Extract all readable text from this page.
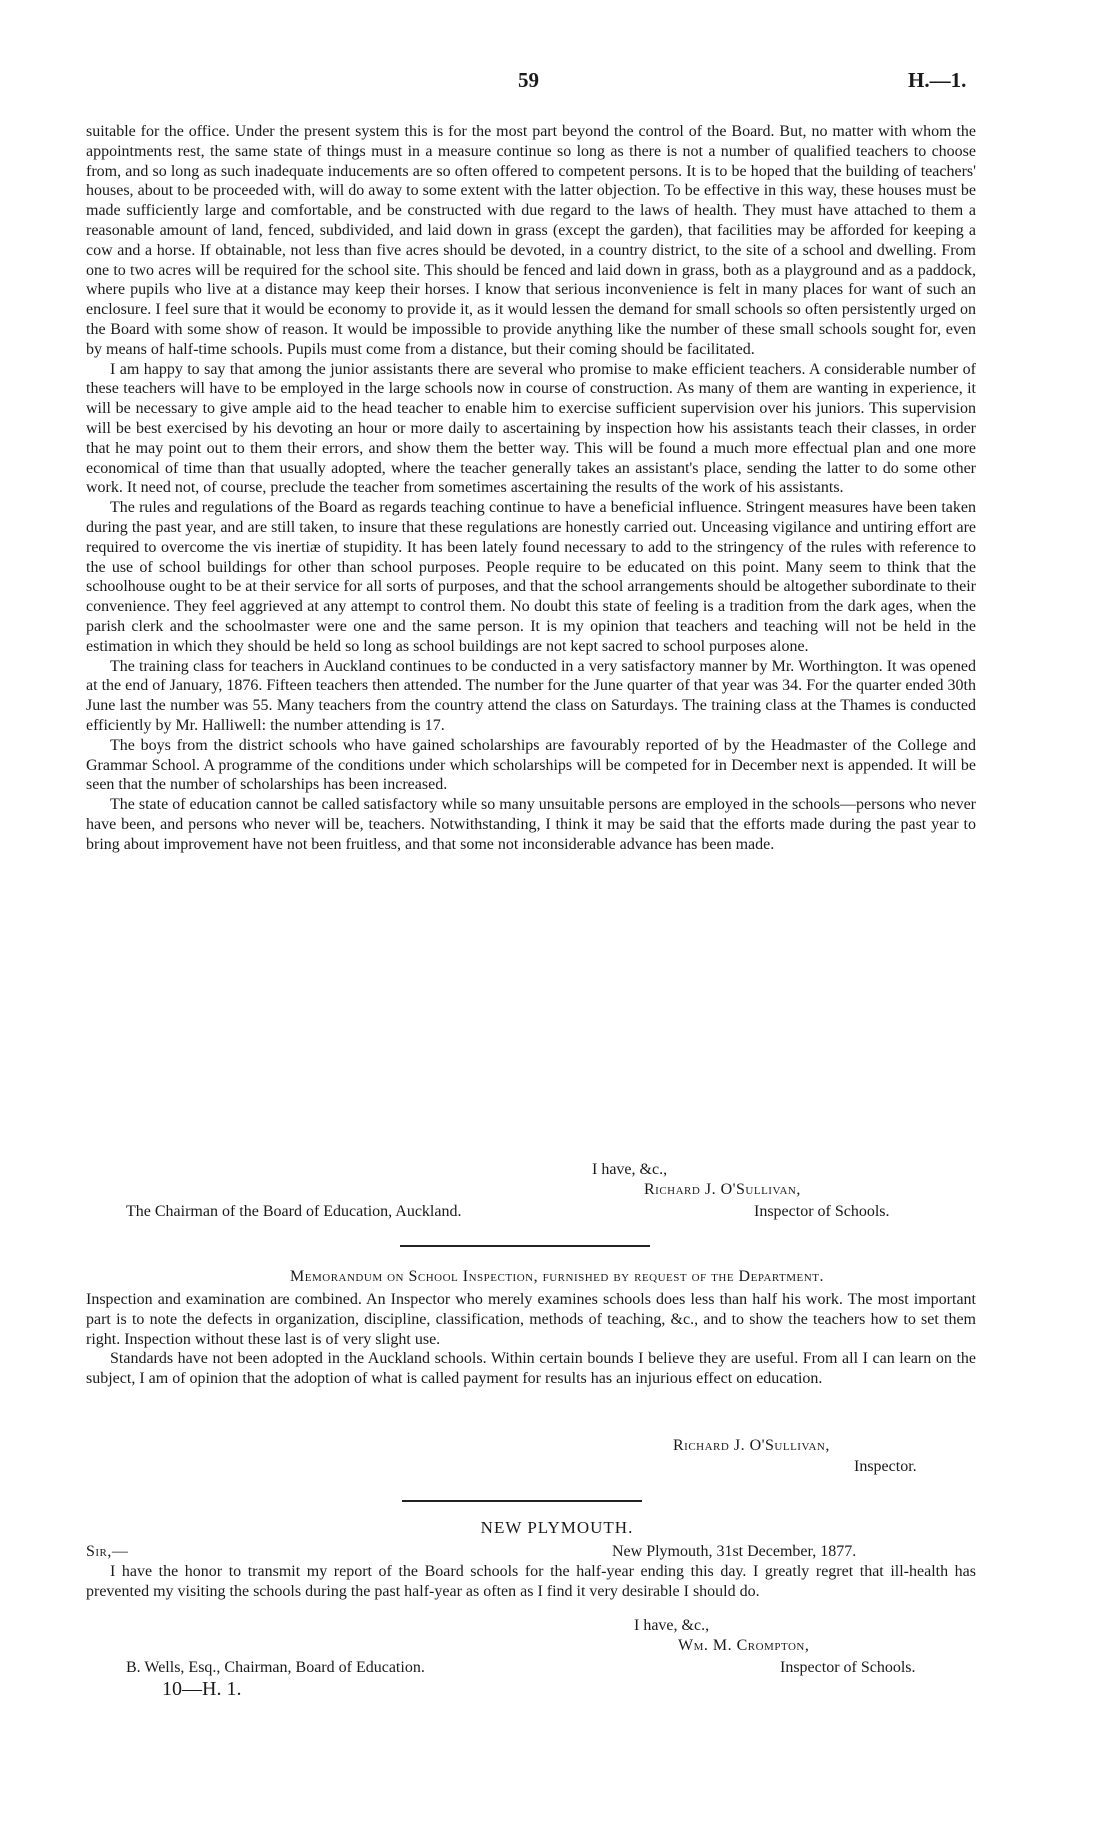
59	H.—1.

suitable for the office. Under the present system this is for the most part beyond the control of the Board. But, no matter with whom the appointments rest, the same state of things must in a measure continue so long as there is not a number of qualified teachers to choose from, and so long as such inadequate inducements are so often offered to competent persons. It is to be hoped that the building of teachers' houses, about to be proceeded with, will do away to some extent with the latter objection. To be effective in this way, these houses must be made sufficiently large and comfortable, and be constructed with due regard to the laws of health. They must have attached to them a reasonable amount of land, fenced, subdivided, and laid down in grass (except the garden), that facilities may be afforded for keeping a cow and a horse. If obtainable, not less than five acres should be devoted, in a country district, to the site of a school and dwelling. From one to two acres will be required for the school site. This should be fenced and laid down in grass, both as a playground and as a paddock, where pupils who live at a distance may keep their horses. I know that serious inconvenience is felt in many places for want of such an enclosure. I feel sure that it would be economy to provide it, as it would lessen the demand for small schools so often persistently urged on the Board with some show of reason. It would be impossible to provide anything like the number of these small schools sought for, even by means of half-time schools. Pupils must come from a distance, but their coming should be facilitated.

I am happy to say that among the junior assistants there are several who promise to make efficient teachers. A considerable number of these teachers will have to be employed in the large schools now in course of construction. As many of them are wanting in experience, it will be necessary to give ample aid to the head teacher to enable him to exercise sufficient supervision over his juniors. This supervision will be best exercised by his devoting an hour or more daily to ascertaining by inspection how his assistants teach their classes, in order that he may point out to them their errors, and show them the better way. This will be found a much more effectual plan and one more economical of time than that usually adopted, where the teacher generally takes an assistant's place, sending the latter to do some other work. It need not, of course, preclude the teacher from sometimes ascertaining the results of the work of his assistants.

The rules and regulations of the Board as regards teaching continue to have a beneficial influence. Stringent measures have been taken during the past year, and are still taken, to insure that these regulations are honestly carried out. Unceasing vigilance and untiring effort are required to overcome the vis inertiæ of stupidity. It has been lately found necessary to add to the stringency of the rules with reference to the use of school buildings for other than school purposes. People require to be educated on this point. Many seem to think that the schoolhouse ought to be at their service for all sorts of purposes, and that the school arrangements should be altogether subordinate to their convenience. They feel aggrieved at any attempt to control them. No doubt this state of feeling is a tradition from the dark ages, when the parish clerk and the schoolmaster were one and the same person. It is my opinion that teachers and teaching will not be held in the estimation in which they should be held so long as school buildings are not kept sacred to school purposes alone.

The training class for teachers in Auckland continues to be conducted in a very satisfactory manner by Mr. Worthington. It was opened at the end of January, 1876. Fifteen teachers then attended. The number for the June quarter of that year was 34. For the quarter ended 30th June last the number was 55. Many teachers from the country attend the class on Saturdays. The training class at the Thames is conducted efficiently by Mr. Halliwell: the number attending is 17.

The boys from the district schools who have gained scholarships are favourably reported of by the Headmaster of the College and Grammar School. A programme of the conditions under which scholarships will be competed for in December next is appended. It will be seen that the number of scholarships has been increased.

The state of education cannot be called satisfactory while so many unsuitable persons are employed in the schools—persons who never have been, and persons who never will be, teachers. Notwithstanding, I think it may be said that the efforts made during the past year to bring about improvement have not been fruitless, and that some not inconsiderable advance has been made.

I have, &c.,
Richard J. O'Sullivan,
The Chairman of the Board of Education, Auckland.	Inspector of Schools.
Memorandum on School Inspection, furnished by request of the Department.

Inspection and examination are combined. An Inspector who merely examines schools does less than half his work. The most important part is to note the defects in organization, discipline, classification, methods of teaching, &c., and to show the teachers how to set them right. Inspection without these last is of very slight use.

Standards have not been adopted in the Auckland schools. Within certain bounds I believe they are useful. From all I can learn on the subject, I am of opinion that the adoption of what is called payment for results has an injurious effect on education.

Richard J. O'Sullivan,
Inspector.
NEW PLYMOUTH.
Sir,—	New Plymouth, 31st December, 1877.

I have the honor to transmit my report of the Board schools for the half-year ending this day. I greatly regret that ill-health has prevented my visiting the schools during the past half-year as often as I find it very desirable I should do.

I have, &c.,
Wm. M. Crompton,
B. Wells, Esq., Chairman, Board of Education.	Inspector of Schools.
10—H. 1.
